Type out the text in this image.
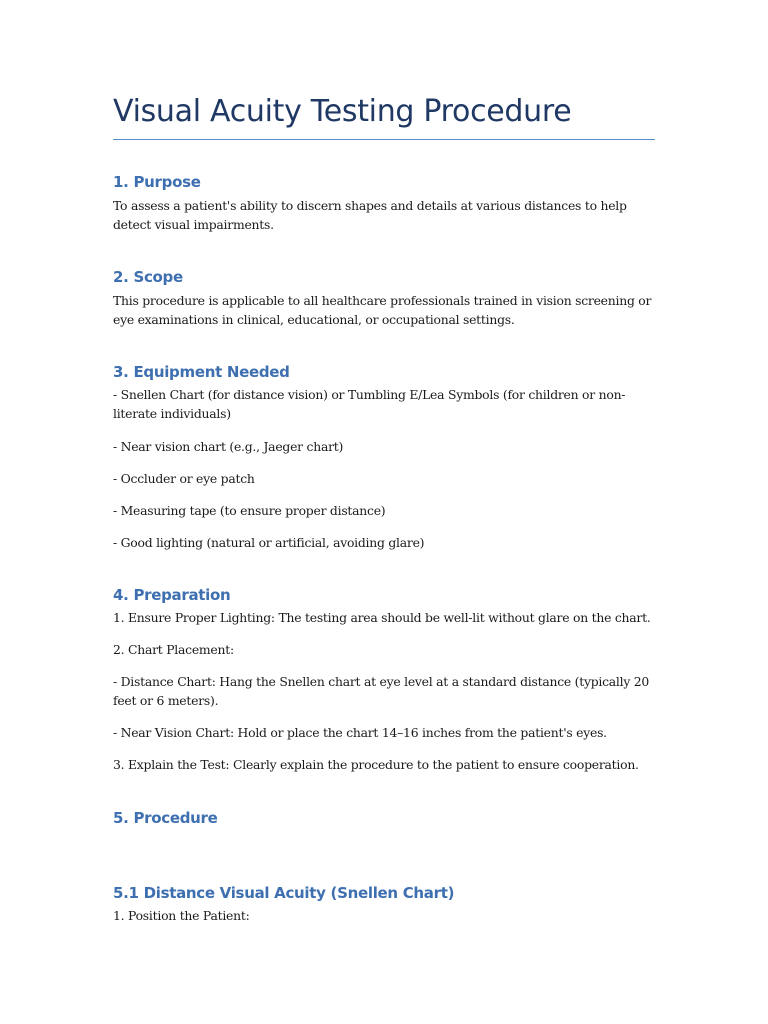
Visual Acuity Testing Procedure
1. Purpose

To assess a patient's ability to discern shapes and details at various distances to help detect visual impairments.

2. Scope

This procedure is applicable to all healthcare professionals trained in vision screening or eye examinations in clinical, educational, or occupational settings.

3. Equipment Needed

- Snellen Chart (for distance vision) or Tumbling E/Lea Symbols (for children or non-literate individuals)

- Near vision chart (e.g., Jaeger chart)

- Occluder or eye patch

- Measuring tape (to ensure proper distance)

- Good lighting (natural or artificial, avoiding glare)

4. Preparation

1. Ensure Proper Lighting: The testing area should be well-lit without glare on the chart.

2. Chart Placement:

- Distance Chart: Hang the Snellen chart at eye level at a standard distance (typically 20 feet or 6 meters).

- Near Vision Chart: Hold or place the chart 14–16 inches from the patient's eyes.

3. Explain the Test: Clearly explain the procedure to the patient to ensure cooperation.

5. Procedure
5.1 Distance Visual Acuity (Snellen Chart)

1. Position the Patient:
